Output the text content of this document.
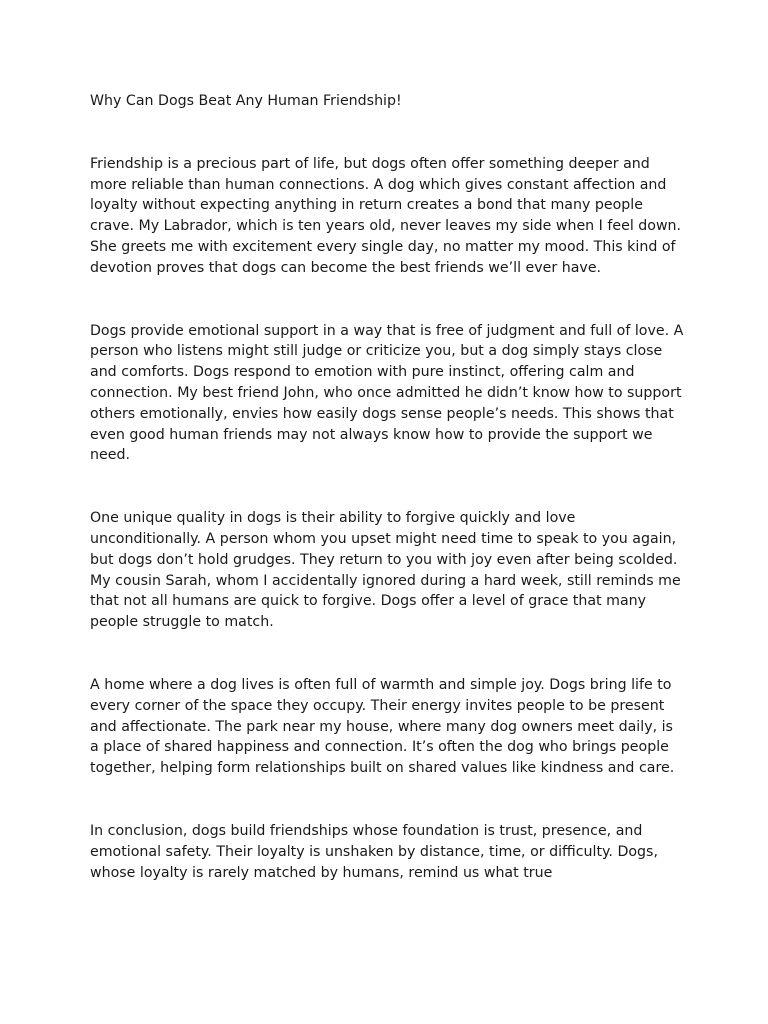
Why Can Dogs Beat Any Human Friendship!

Friendship is a precious part of life, but dogs often offer something deeper and more reliable than human connections. A dog which gives constant affection and loyalty without expecting anything in return creates a bond that many people crave. My Labrador, which is ten years old, never leaves my side when I feel down. She greets me with excitement every single day, no matter my mood. This kind of devotion proves that dogs can become the best friends we’ll ever have.

Dogs provide emotional support in a way that is free of judgment and full of love. A person who listens might still judge or criticize you, but a dog simply stays close and comforts. Dogs respond to emotion with pure instinct, offering calm and connection. My best friend John, who once admitted he didn’t know how to support others emotionally, envies how easily dogs sense people’s needs. This shows that even good human friends may not always know how to provide the support we need.

One unique quality in dogs is their ability to forgive quickly and love unconditionally. A person whom you upset might need time to speak to you again, but dogs don’t hold grudges. They return to you with joy even after being scolded. My cousin Sarah, whom I accidentally ignored during a hard week, still reminds me that not all humans are quick to forgive. Dogs offer a level of grace that many people struggle to match.

A home where a dog lives is often full of warmth and simple joy. Dogs bring life to every corner of the space they occupy. Their energy invites people to be present and affectionate. The park near my house, where many dog owners meet daily, is a place of shared happiness and connection. It’s often the dog who brings people together, helping form relationships built on shared values like kindness and care.

In conclusion, dogs build friendships whose foundation is trust, presence, and emotional safety. Their loyalty is unshaken by distance, time, or difficulty. Dogs, whose loyalty is rarely matched by humans, remind us what true
